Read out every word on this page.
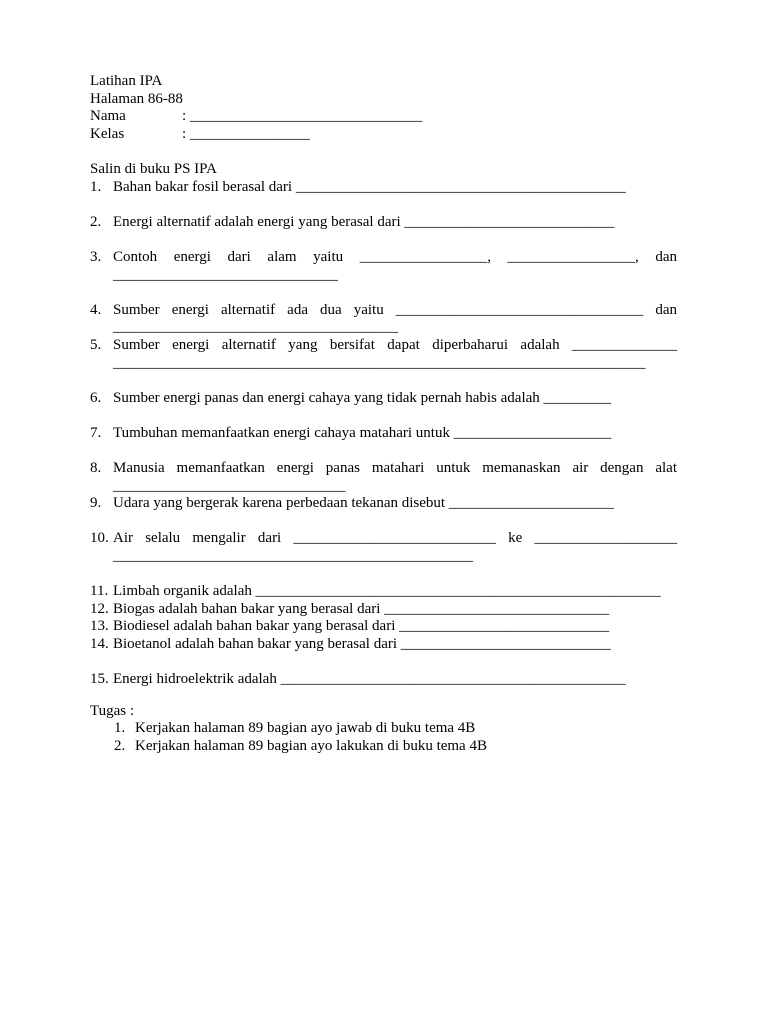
Latihan IPA
Halaman 86-88
Nama	: _______________________________
Kelas	: ________________
Salin di buku PS IPA
1. Bahan bakar fosil berasal dari ____________________________________________
2. Energi alternatif adalah energi yang berasal dari ____________________________
3. Contoh energi dari alam yaitu _________________, _________________, dan ______________________________
4. Sumber energi alternatif ada dua yaitu _________________________________ dan ______________________________________
5. Sumber energi alternatif yang bersifat dapat diperbaharui adalah ______________ _______________________________________________________________________
6. Sumber energi panas dan energi cahaya yang tidak pernah habis adalah _________
7. Tumbuhan memanfaatkan energi cahaya matahari untuk _____________________
8. Manusia memanfaatkan energi panas matahari untuk memanaskan air dengan alat _______________________________
9. Udara yang bergerak karena perbedaan tekanan disebut ______________________
10. Air selalu mengalir dari ___________________________ ke ___________________ ________________________________________________
11. Limbah organik adalah ______________________________________________________
12. Biogas adalah bahan bakar yang berasal dari ______________________________
13. Biodiesel adalah bahan bakar yang berasal dari ____________________________
14. Bioetanol adalah bahan bakar yang berasal dari ____________________________
15. Energi hidroelektrik adalah ______________________________________________
Tugas :
1. Kerjakan halaman 89 bagian ayo jawab di buku tema 4B
2. Kerjakan halaman 89 bagian ayo lakukan di buku tema 4B
